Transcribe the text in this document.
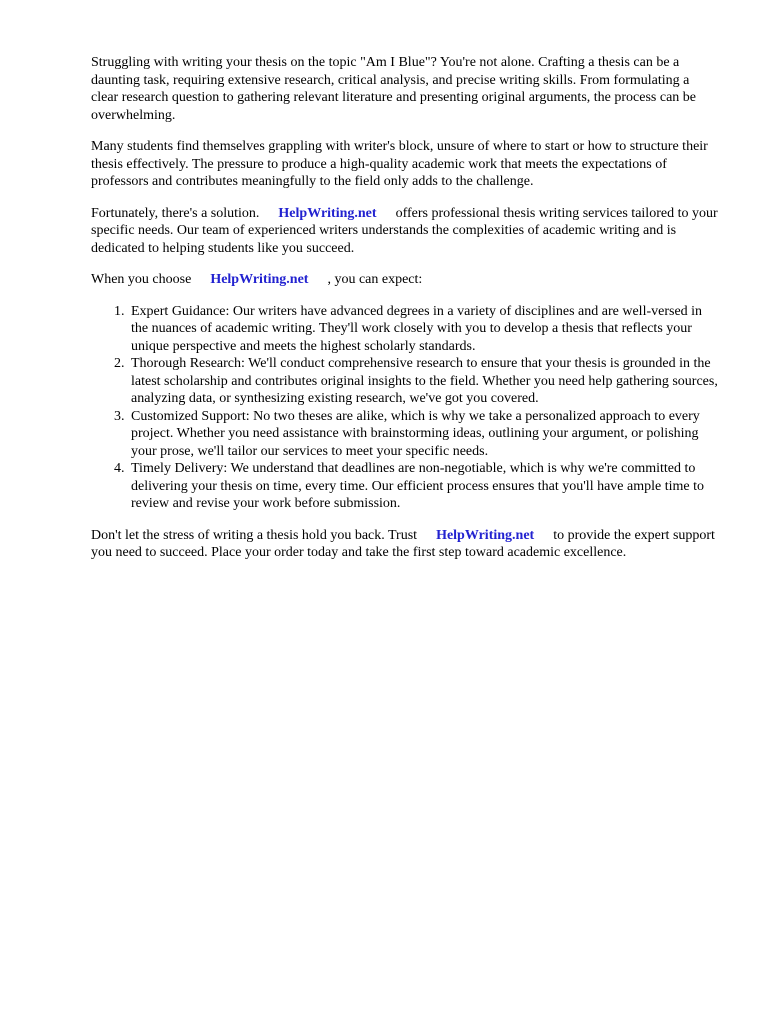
Struggling with writing your thesis on the topic "Am I Blue"? You're not alone. Crafting a thesis can be a daunting task, requiring extensive research, critical analysis, and precise writing skills. From formulating a clear research question to gathering relevant literature and presenting original arguments, the process can be overwhelming.

Many students find themselves grappling with writer's block, unsure of where to start or how to structure their thesis effectively. The pressure to produce a high-quality academic work that meets the expectations of professors and contributes meaningfully to the field only adds to the challenge.

Fortunately, there's a solution. HelpWriting.net offers professional thesis writing services tailored to your specific needs. Our team of experienced writers understands the complexities of academic writing and is dedicated to helping students like you succeed.

When you choose HelpWriting.net , you can expect:

1. Expert Guidance: Our writers have advanced degrees in a variety of disciplines and are well-versed in the nuances of academic writing. They'll work closely with you to develop a thesis that reflects your unique perspective and meets the highest scholarly standards.
2. Thorough Research: We'll conduct comprehensive research to ensure that your thesis is grounded in the latest scholarship and contributes original insights to the field. Whether you need help gathering sources, analyzing data, or synthesizing existing research, we've got you covered.
3. Customized Support: No two theses are alike, which is why we take a personalized approach to every project. Whether you need assistance with brainstorming ideas, outlining your argument, or polishing your prose, we'll tailor our services to meet your specific needs.
4. Timely Delivery: We understand that deadlines are non-negotiable, which is why we're committed to delivering your thesis on time, every time. Our efficient process ensures that you'll have ample time to review and revise your work before submission.

Don't let the stress of writing a thesis hold you back. Trust HelpWriting.net to provide the expert support you need to succeed. Place your order today and take the first step toward academic excellence.
